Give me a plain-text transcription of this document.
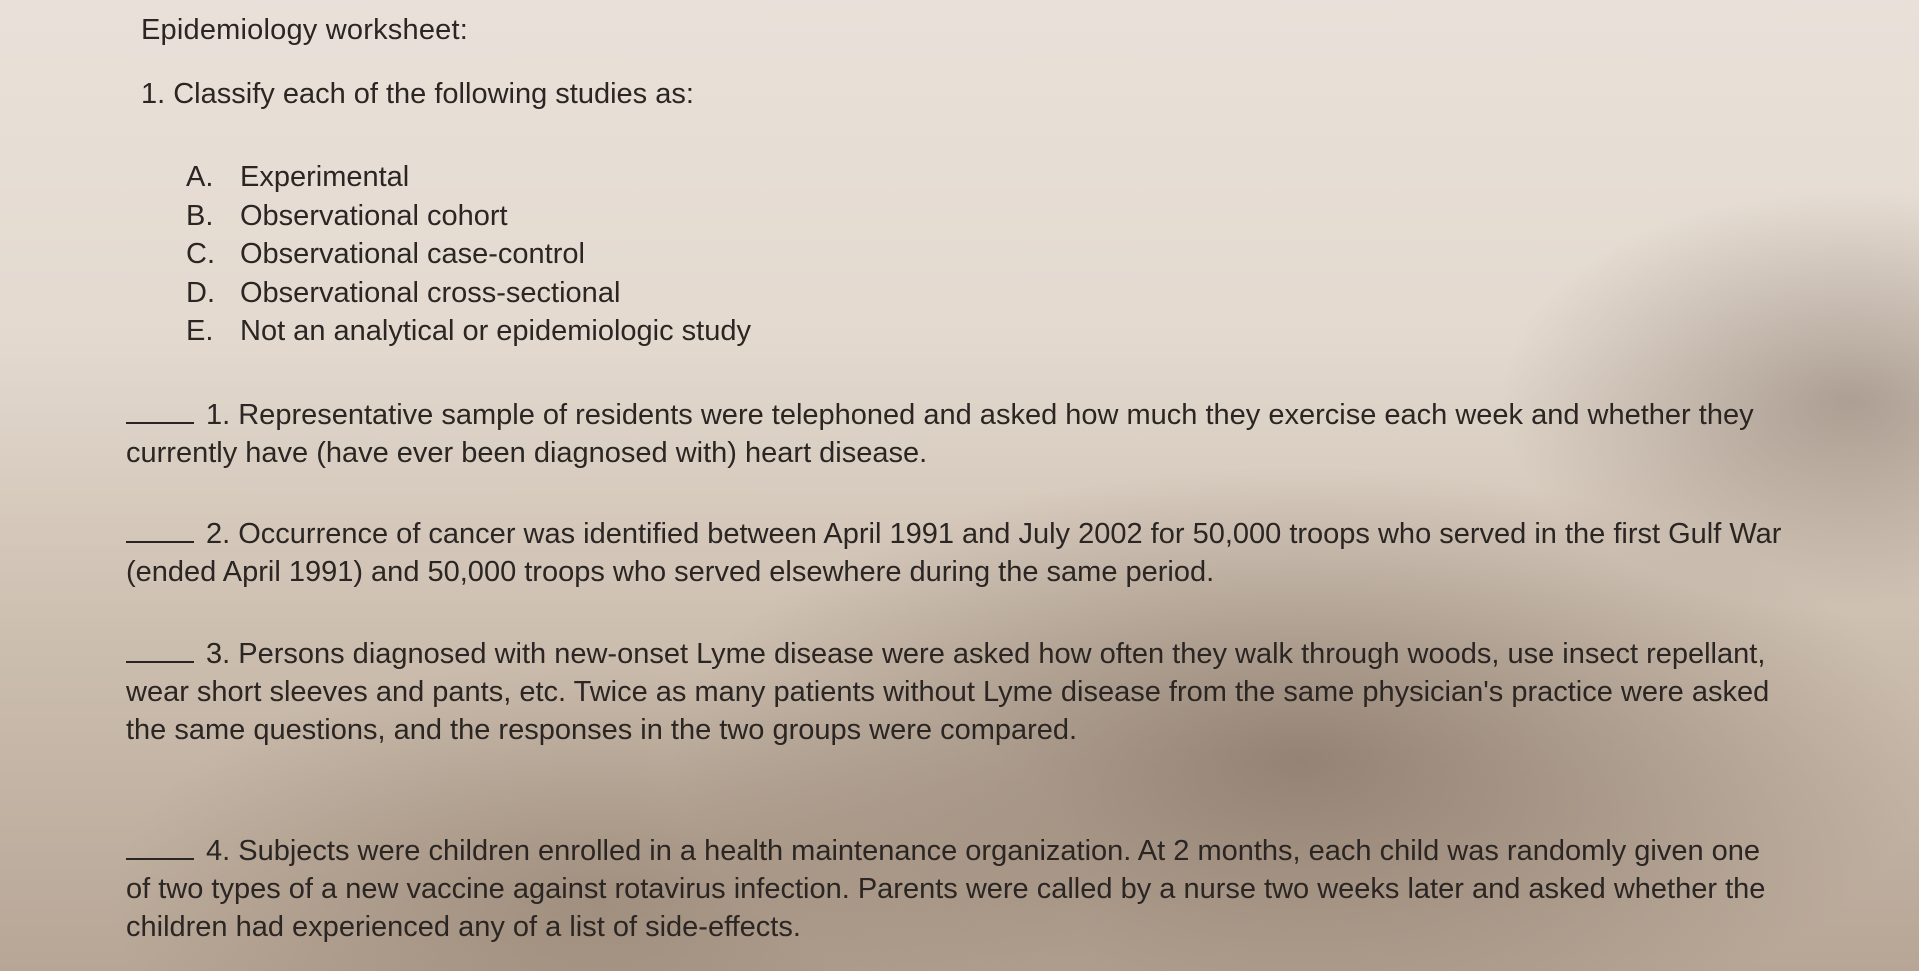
Epidemiology worksheet:
1. Classify each of the following studies as:
A. Experimental
B. Observational cohort
C. Observational case-control
D. Observational cross-sectional
E. Not an analytical or epidemiologic study
1. Representative sample of residents were telephoned and asked how much they exercise each week and whether they currently have (have ever been diagnosed with) heart disease.
2. Occurrence of cancer was identified between April 1991 and July 2002 for 50,000 troops who served in the first Gulf War (ended April 1991) and 50,000 troops who served elsewhere during the same period.
3. Persons diagnosed with new-onset Lyme disease were asked how often they walk through woods, use insect repellant, wear short sleeves and pants, etc. Twice as many patients without Lyme disease from the same physician's practice were asked the same questions, and the responses in the two groups were compared.
4. Subjects were children enrolled in a health maintenance organization. At 2 months, each child was randomly given one of two types of a new vaccine against rotavirus infection. Parents were called by a nurse two weeks later and asked whether the children had experienced any of a list of side-effects.
